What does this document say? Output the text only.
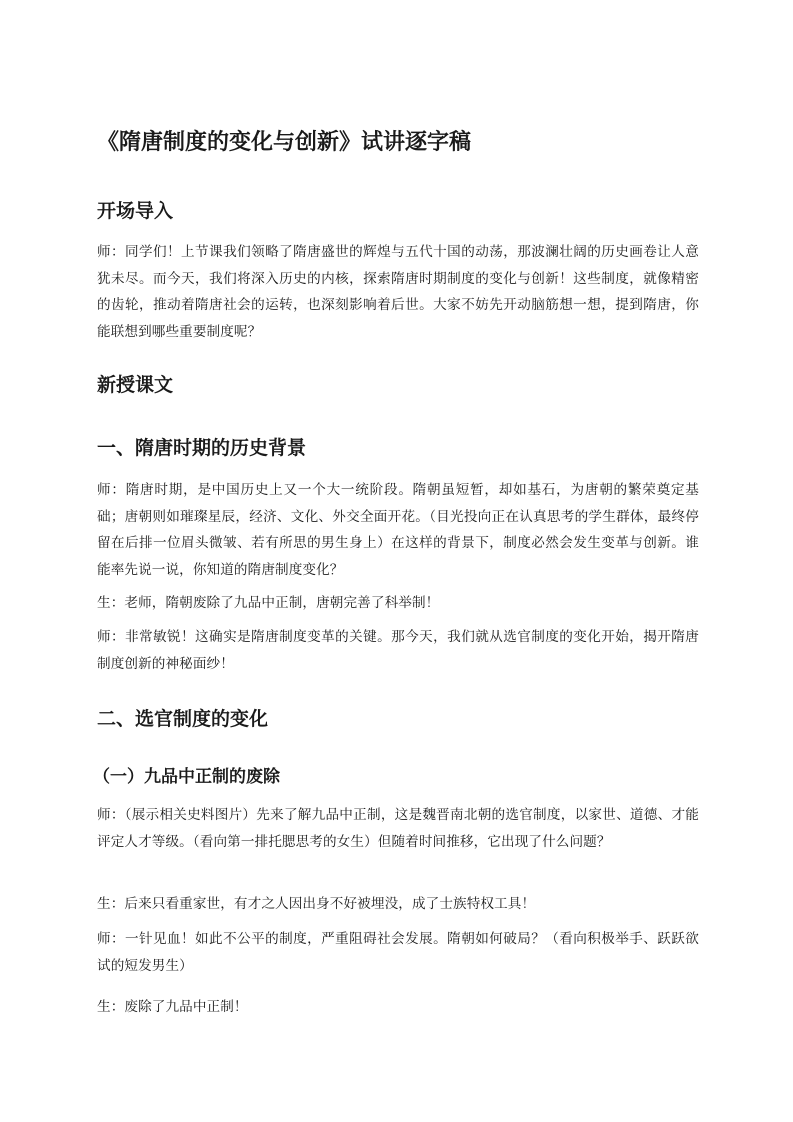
《隋唐制度的变化与创新》试讲逐字稿
开场导入

师：同学们！上节课我们领略了隋唐盛世的辉煌与五代十国的动荡，那波澜壮阔的历史画卷让人意犹未尽。而今天，我们将深入历史的内核，探索隋唐时期制度的变化与创新！这些制度，就像精密的齿轮，推动着隋唐社会的运转，也深刻影响着后世。大家不妨先开动脑筋想一想，提到隋唐，你能联想到哪些重要制度呢？

新授课文
一、隋唐时期的历史背景

师：隋唐时期，是中国历史上又一个大一统阶段。隋朝虽短暂，却如基石，为唐朝的繁荣奠定基础；唐朝则如璀璨星辰，经济、文化、外交全面开花。（目光投向正在认真思考的学生群体，最终停留在后排一位眉头微皱、若有所思的男生身上）在这样的背景下，制度必然会发生变革与创新。谁能率先说一说，你知道的隋唐制度变化？

生：老师，隋朝废除了九品中正制，唐朝完善了科举制！

师：非常敏锐！这确实是隋唐制度变革的关键。那今天，我们就从选官制度的变化开始，揭开隋唐制度创新的神秘面纱！

二、选官制度的变化
（一）九品中正制的废除

师：（展示相关史料图片）先来了解九品中正制，这是魏晋南北朝的选官制度，以家世、道德、才能评定人才等级。（看向第一排托腮思考的女生）但随着时间推移，它出现了什么问题？

生：后来只看重家世，有才之人因出身不好被埋没，成了士族特权工具！

师：一针见血！如此不公平的制度，严重阻碍社会发展。隋朝如何破局？（看向积极举手、跃跃欲试的短发男生）

生：废除了九品中正制！
